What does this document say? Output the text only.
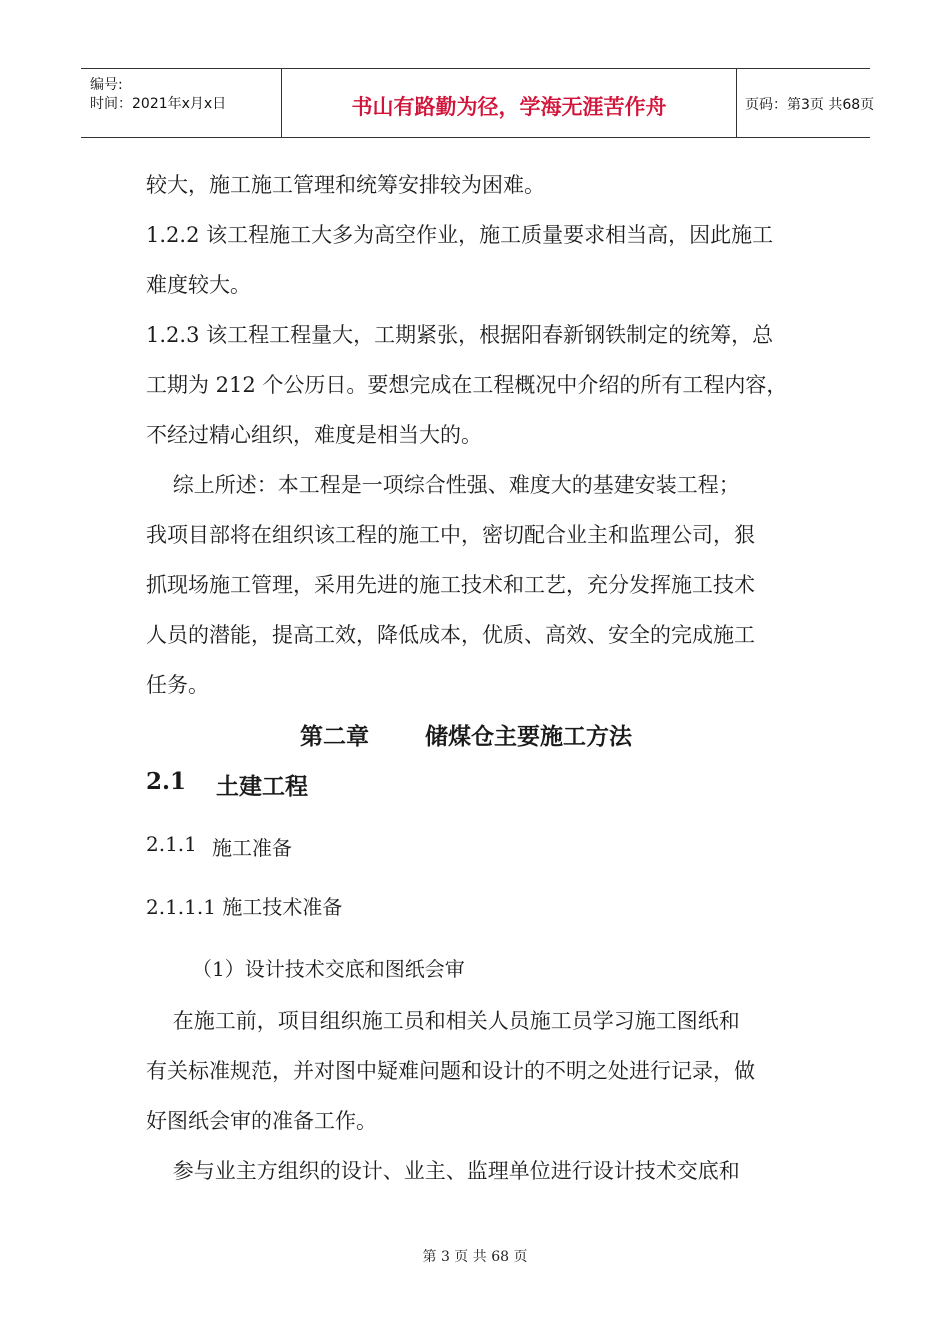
编号:
时间：2021年x月x日	书山有路勤为径，学海无涯苦作舟	页码：第3页 共68页
较大，施工施工管理和统筹安排较为困难。
1.2.2 该工程施工大多为高空作业，施工质量要求相当高，因此施工
难度较大。
1.2.3 该工程工程量大，工期紧张，根据阳春新钢铁制定的统筹，总
工期为 212 个公历日。要想完成在工程概况中介绍的所有工程内容，
不经过精心组织，难度是相当大的。
综上所述：本工程是一项综合性强、难度大的基建安装工程；
我项目部将在组织该工程的施工中，密切配合业主和监理公司，狠
抓现场施工管理，采用先进的施工技术和工艺，充分发挥施工技术
人员的潜能，提高工效，降低成本，优质、高效、安全的完成施工
任务。
第二章 储煤仓主要施工方法
2.1 土建工程
2.1.1 施工准备
2.1.1.1 施工技术准备
（1）设计技术交底和图纸会审
在施工前，项目组织施工员和相关人员施工员学习施工图纸和
有关标准规范，并对图中疑难问题和设计的不明之处进行记录，做
好图纸会审的准备工作。
参与业主方组织的设计、业主、监理单位进行设计技术交底和
第 3 页 共 68 页
